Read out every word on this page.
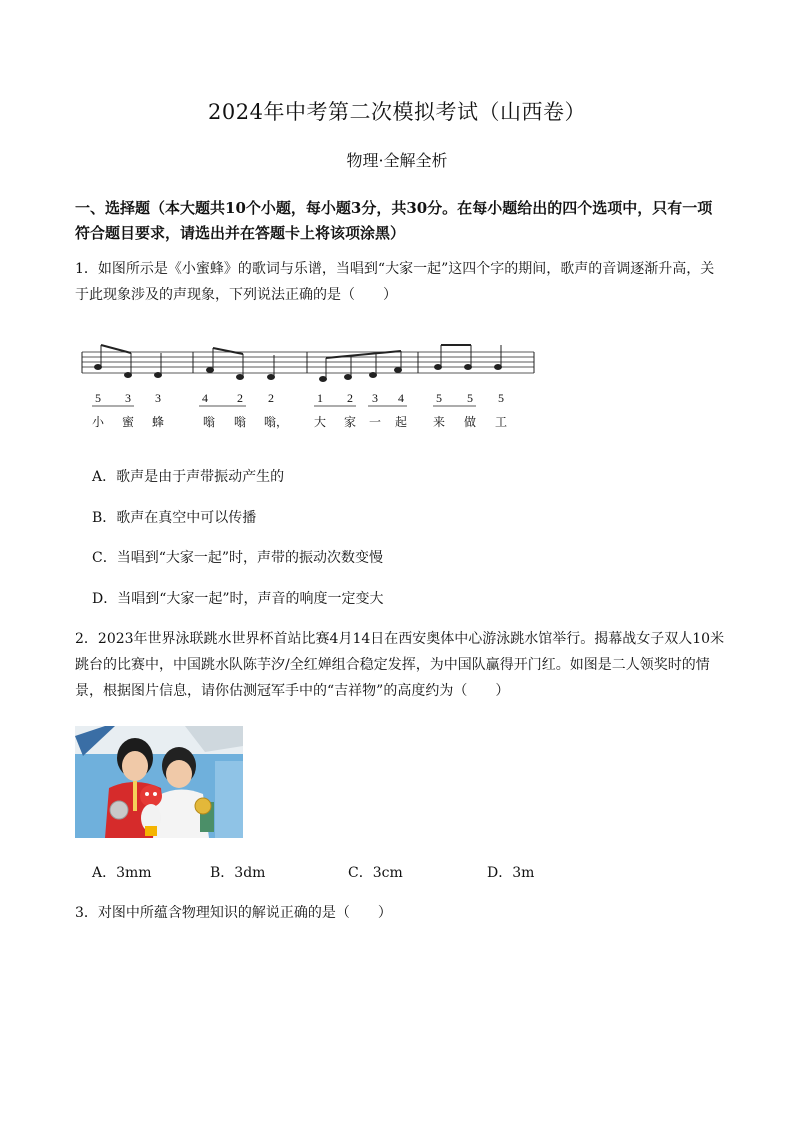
2024年中考第二次模拟考试（山西卷）
物理·全解全析
一、选择题（本大题共10个小题，每小题3分，共30分。在每小题给出的四个选项中，只有一项符合题目要求，请选出并在答题卡上将该项涂黑）
1．如图所示是《小蜜蜂》的歌词与乐谱，当唱到“大家一起”这四个字的期间，歌声的音调逐渐升高，关于此现象涉及的声现象，下列说法正确的是（　　）
5 3 3	4 2 2	1 2 3 4	5 5 5
小 蜜 蜂	嗡 嗡 嗡， 大 家 一 起 来 做 工
A．歌声是由于声带振动产生的
B．歌声在真空中可以传播
C．当唱到“大家一起”时，声带的振动次数变慢
D．当唱到“大家一起”时，声音的响度一定变大
2．2023年世界泳联跳水世界杯首站比赛4月14日在西安奥体中心游泳跳水馆举行。揭幕战女子双人10米跳台的比赛中，中国跳水队陈芋汐/全红婵组合稳定发挥，为中国队赢得开门红。如图是二人领奖时的情景，根据图片信息，请你估测冠军手中的“吉祥物”的高度约为（　　）
A．3mm	B．3dm	C．3cm	D．3m
3．对图中所蕴含物理知识的解说正确的是（　　）
